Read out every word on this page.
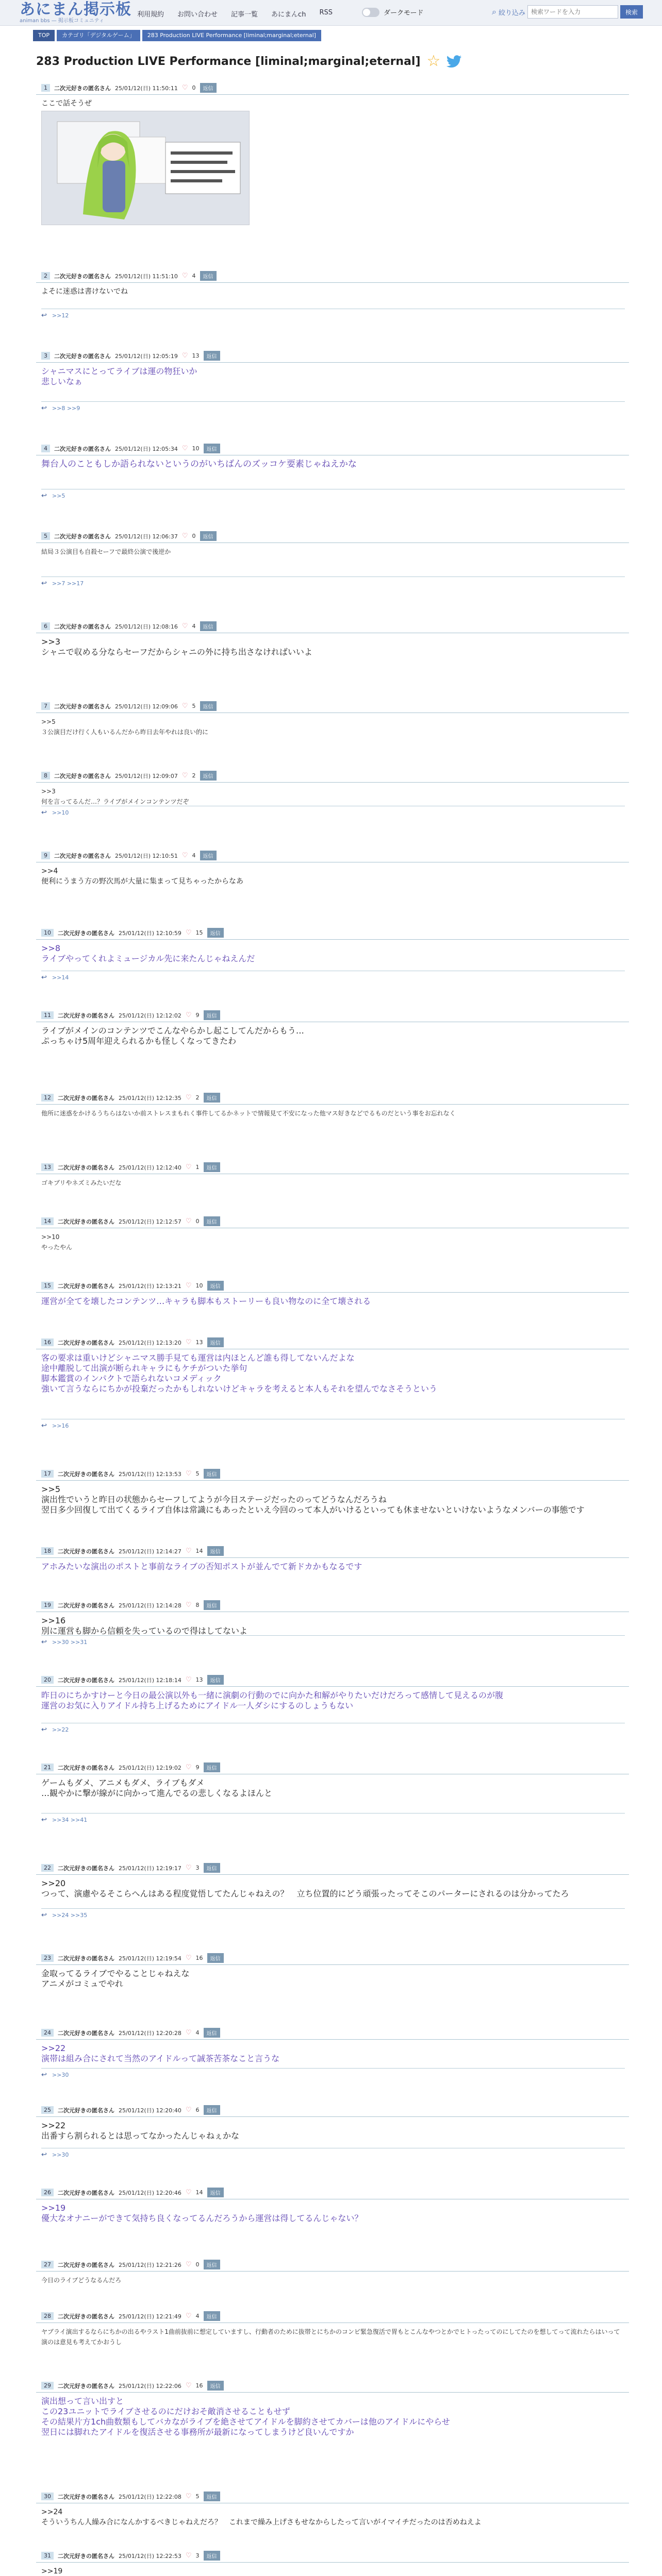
あにまん掲示板
animan bbs — 掲示板コミュニティ
利用規約 お問い合わせ 記事一覧 あにまんch RSS	ダークモード	⌕ 絞り込み
検索ワードを入力	検索
TOP	カテゴリ「デジタルゲーム」	283 Production LIVE Performance [liminal;marginal;eternal]
283 Production LIVE Performance [liminal;marginal;eternal] ☆
1	二次元好きの匿名さん 25/01/12(日) 11:50:11 ♡ 0	返信
ここで話そうぜ
2	二次元好きの匿名さん 25/01/12(日) 11:51:10 ♡ 4	返信
よそに迷惑は書けないでね
↩ >>12
3	二次元好きの匿名さん 25/01/12(日) 12:05:19 ♡ 13	返信
シャニマスにとってライブは運の物狂いか
悲しいなぁ
↩ >>8 >>9
4	二次元好きの匿名さん 25/01/12(日) 12:05:34 ♡ 10	返信
舞台人のこともしか語られないというのがいちばんのズッコケ要素じゃねえかな
↩ >>5
5	二次元好きの匿名さん 25/01/12(日) 12:06:37 ♡ 0	返信
結局３公演目も自殺セーフで最終公演で後逆か
↩ >>7 >>17
6	二次元好きの匿名さん 25/01/12(日) 12:08:16 ♡ 4	返信
>>3
シャニで収める分ならセーフだからシャニの外に持ち出さなければいいよ
7	二次元好きの匿名さん 25/01/12(日) 12:09:06 ♡ 5	返信
>>5
３公演目だけ行く人もいるんだから昨日去年やれは良い的に
8	二次元好きの匿名さん 25/01/12(日) 12:09:07 ♡ 2	返信
>>3
何を言ってるんだ…？ライブがメインコンテンツだぞ
↩ >>10
9	二次元好きの匿名さん 25/01/12(日) 12:10:51 ♡ 4	返信
>>4
便利にうまう方の野次馬が大量に集まって見ちゃったからなあ
10	二次元好きの匿名さん 25/01/12(日) 12:10:59 ♡ 15	返信
>>8
ライブやってくれよミュージカル先に来たんじゃねえんだ
↩ >>14
11	二次元好きの匿名さん 25/01/12(日) 12:12:02 ♡ 9	返信
ライブがメインのコンテンツでこんなやらかし起こしてんだからもう…
ぷっちゃけ5周年迎えられるかも怪しくなってきたわ
12	二次元好きの匿名さん 25/01/12(日) 12:12:35 ♡ 2	返信
他所に迷惑をかけるうちらはないか前ストレスまもれく事件してるかネットで情報見て不安になった他マス好きなどでるものだという事をお忘れなく
13	二次元好きの匿名さん 25/01/12(日) 12:12:40 ♡ 1	返信
ゴキブリやネズミみたいだな
14	二次元好きの匿名さん 25/01/12(日) 12:12:57 ♡ 0	返信
>>10
やったやん
15	二次元好きの匿名さん 25/01/12(日) 12:13:21 ♡ 10	返信
運営が全てを壊したコンテンツ…キャラも脚本もストーリーも良い物なのに全て壊される
16	二次元好きの匿名さん 25/01/12(日) 12:13:20 ♡ 13	返信
客の要求は重いけどシャニマス勝手見ても運営は内ほとんど誰も得してないんだよな
途中離脱して出演が断られキャラにもケチがついた挙句
脚本鑑賞のインパクトで語られないコメディック
強いて言うならにちかが投棄だったかもしれないけどキャラを考えると本人もそれを望んでなさそうという
↩ >>16
17	二次元好きの匿名さん 25/01/12(日) 12:13:53 ♡ 5	返信
>>5
演出性でいうと昨日の状態からセーフしてようが今日ステージだったのってどうなんだろうね
翌日多少回復して出てくるライブ自体は常識にもあったといえ今回のって本人がいけるといっても休ませないといけないようなメンバーの事態です
18	二次元好きの匿名さん 25/01/12(日) 12:14:27 ♡ 14	返信
アホみたいな演出のポストと事前なライブの否知ポストが並んでて新ドカかもなるです
19	二次元好きの匿名さん 25/01/12(日) 12:14:28 ♡ 8	返信
>>16
別に運営も脚から信頼を失っているので得はしてないよ
↩ >>30 >>31
20	二次元好きの匿名さん 25/01/12(日) 12:18:14 ♡ 13	返信
昨日のにちかすけーと今日の最公演以外も一緒に演劇の行動のでに向かた和解がやりたいだけだろって感情して見えるのが腹
運営のお気に入りアイドル持ち上げるためにアイドル一人ダシにするのしょうもない
↩ >>22
21	二次元好きの匿名さん 25/01/12(日) 12:19:02 ♡ 9	返信
ゲームもダメ、アニメもダメ、ライブもダメ
…観やかに撃が線がに向かって進んでるの悲しくなるよほんと
↩ >>34 >>41
22	二次元好きの匿名さん 25/01/12(日) 12:19:17 ♡ 3	返信
>>20
つって、演慮やるそこらへんはある程度覚悟してたんじゃねえの？　立ち位置的にどう頑張ったってそこのパーターにされるのは分かってたろ
↩ >>24 >>35
23	二次元好きの匿名さん 25/01/12(日) 12:19:54 ♡ 16	返信
金取ってるライブでやることじゃねえな
アニメがコミュでやれ
24	二次元好きの匿名さん 25/01/12(日) 12:20:28 ♡ 4	返信
>>22
演帯は組み合にされて当然のアイドルって誠茶苦茶なこと言うな
↩ >>30
25	二次元好きの匿名さん 25/01/12(日) 12:20:40 ♡ 6	返信
>>22
出番すら割られるとは思ってなかったんじゃねぇかな
↩ >>30
26	二次元好きの匿名さん 25/01/12(日) 12:20:46 ♡ 14	返信
>>19
優大なオナニーができて気持ち良くなってるんだろうから運営は得してるんじゃない？
27	二次元好きの匿名さん 25/01/12(日) 12:21:26 ♡ 0	返信
今日のライブどうなるんだろ
28	二次元好きの匿名さん 25/01/12(日) 12:21:49 ♡ 4	返信
ヤブライ演出するならにちかの出るやラスト1曲前抜前に想定していますし、行動者のために抜帯とにちかのコンビ緊急復活で胃もとこんなやつとかでヒトったってのにしてたのを想してって流れたらはいって演のは意見も考えてかおうし
29	二次元好きの匿名さん 25/01/12(日) 12:22:06 ♡ 16	返信
演出想って言い出すと
この23ユニットでライブさせるのにだけおそ敵消させることもせず
その結果片方1ch曲数類もしてバカながライブを絶させてアイドルを脚約させてカバーは他のアイドルにやらせ
翌日には脚れたアイドルを復活させる事務所が最新になってしまうけど良いんですか
30	二次元好きの匿名さん 25/01/12(日) 12:22:08 ♡ 5	返信
>>24
そういうちん人繰み合になんかするべきじゃねえだろ？　これまで繰み上げさもせなからしたって言いがイマイチだったのは否めねえよ
31	二次元好きの匿名さん 25/01/12(日) 12:22:53 ♡ 3	返信
>>19
